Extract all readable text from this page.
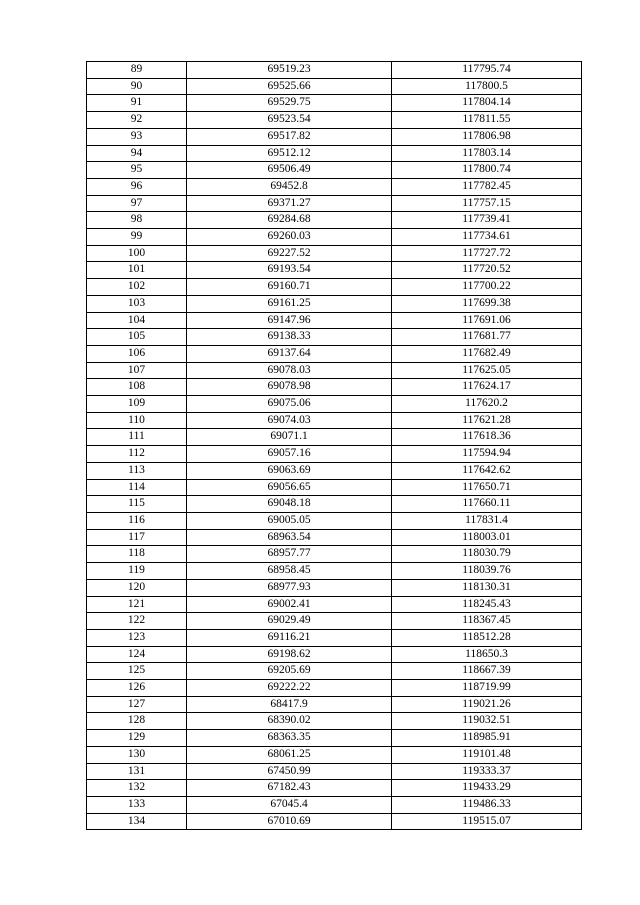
89	69519.23	117795.74
90	69525.66	117800.5
91	69529.75	117804.14
92	69523.54	117811.55
93	69517.82	117806.98
94	69512.12	117803.14
95	69506.49	117800.74
96	69452.8	117782.45
97	69371.27	117757.15
98	69284.68	117739.41
99	69260.03	117734.61
100	69227.52	117727.72
101	69193.54	117720.52
102	69160.71	117700.22
103	69161.25	117699.38
104	69147.96	117691.06
105	69138.33	117681.77
106	69137.64	117682.49
107	69078.03	117625.05
108	69078.98	117624.17
109	69075.06	117620.2
110	69074.03	117621.28
111	69071.1	117618.36
112	69057.16	117594.94
113	69063.69	117642.62
114	69056.65	117650.71
115	69048.18	117660.11
116	69005.05	117831.4
117	68963.54	118003.01
118	68957.77	118030.79
119	68958.45	118039.76
120	68977.93	118130.31
121	69002.41	118245.43
122	69029.49	118367.45
123	69116.21	118512.28
124	69198.62	118650.3
125	69205.69	118667.39
126	69222.22	118719.99
127	68417.9	119021.26
128	68390.02	119032.51
129	68363.35	118985.91
130	68061.25	119101.48
131	67450.99	119333.37
132	67182.43	119433.29
133	67045.4	119486.33
134	67010.69	119515.07
